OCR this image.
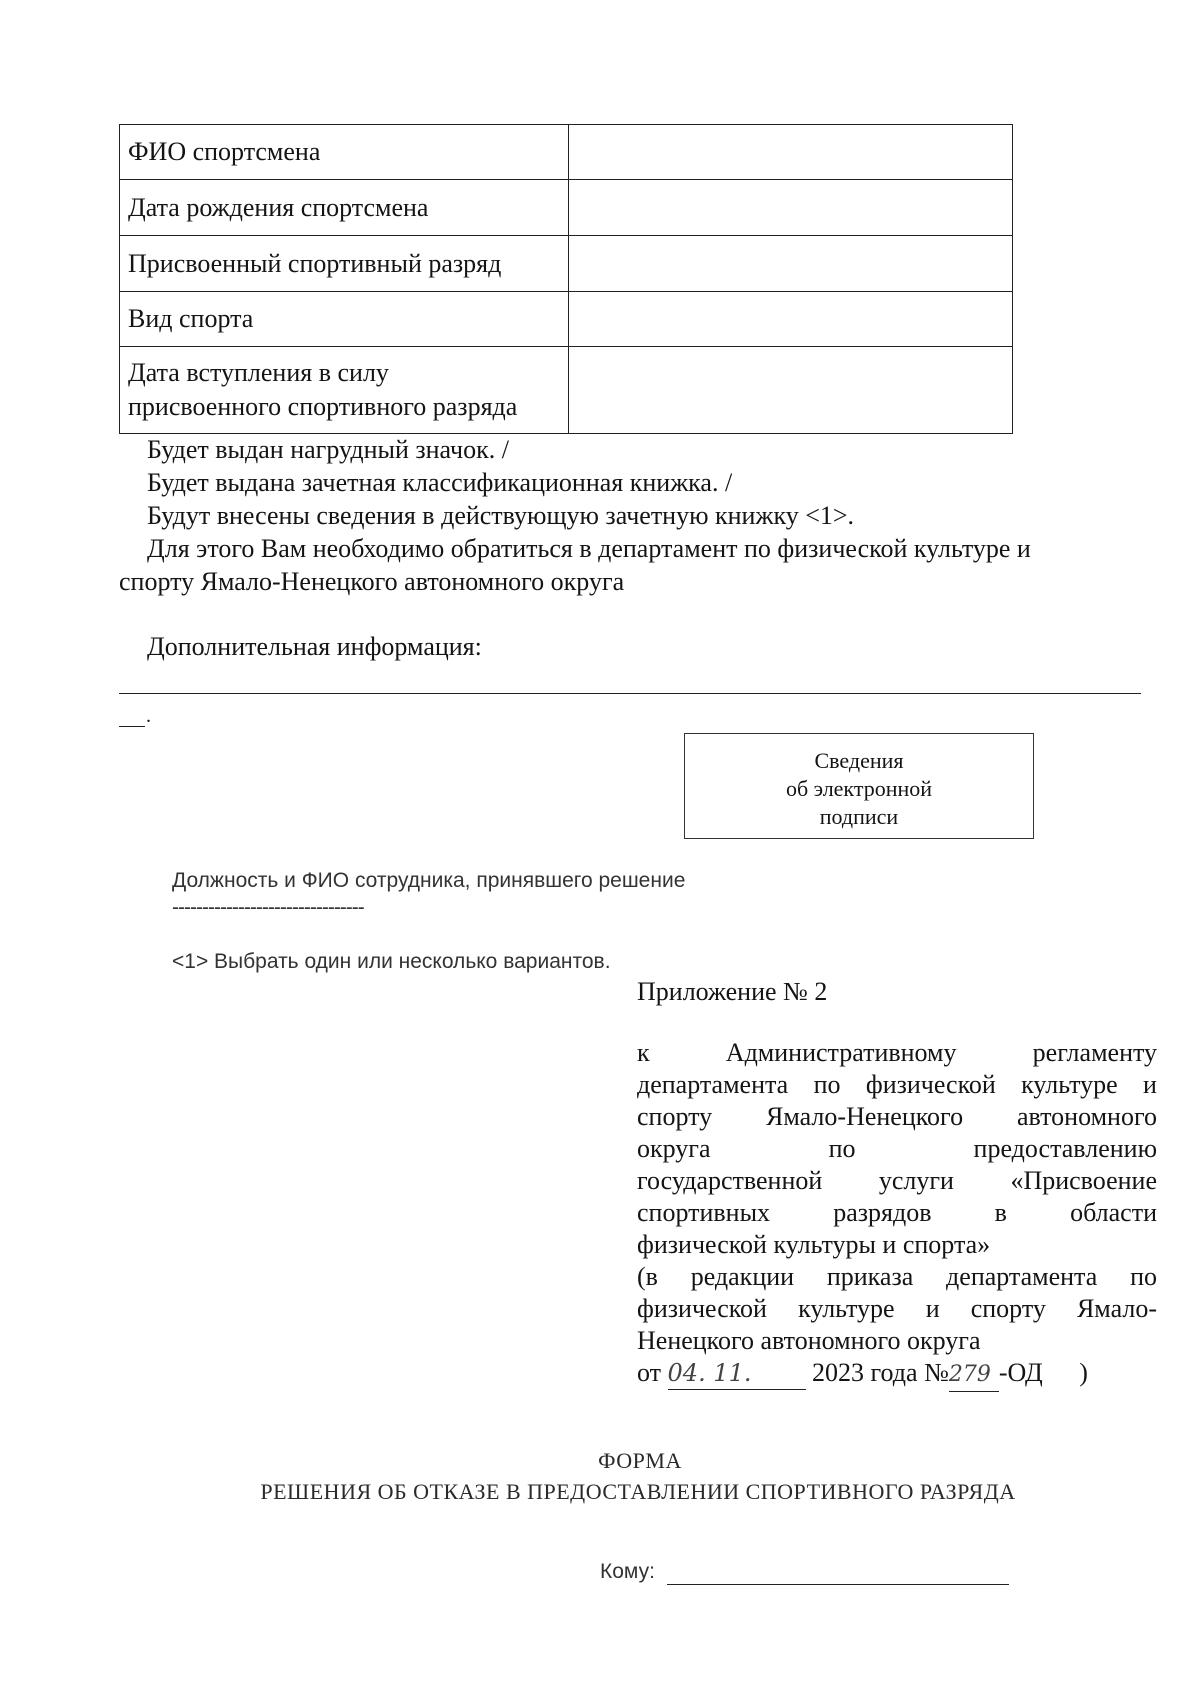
ФИО спортсмена	
Дата рождения спортсмена	
Присвоенный спортивный разряд	
Вид спорта	

Дата вступления в силу
присвоенного спортивного разряда	

Будет выдан нагрудный значок. /
Будет выдана зачетная классификационная книжка. /
Будут внесены сведения в действующую зачетную книжку <1>.
Для этого Вам необходимо обратиться в департамент по физической культуре и
спорту Ямало-Ненецкого автономного округа
Дополнительная информация:
.
Сведения
об электронной
подписи
Должность и ФИО сотрудника, принявшего решение
--------------------------------
<1> Выбрать один или несколько вариантов.
Приложение № 2
к	Административному	регламенту
департамента по физической культуре и
спорту Ямало-Ненецкого автономного
округа	по	предоставлению
государственной услуги «Присвоение
спортивных разрядов в области
физической культуры и спорта»
(в редакции приказа департамента по
физической культуре и спорту Ямало-
Ненецкого автономного округа
от 04. 11. 2023 года №279 -ОД )
ФОРМА
РЕШЕНИЯ ОБ ОТКАЗЕ В ПРЕДОСТАВЛЕНИИ СПОРТИВНОГО РАЗРЯДА
Кому:
